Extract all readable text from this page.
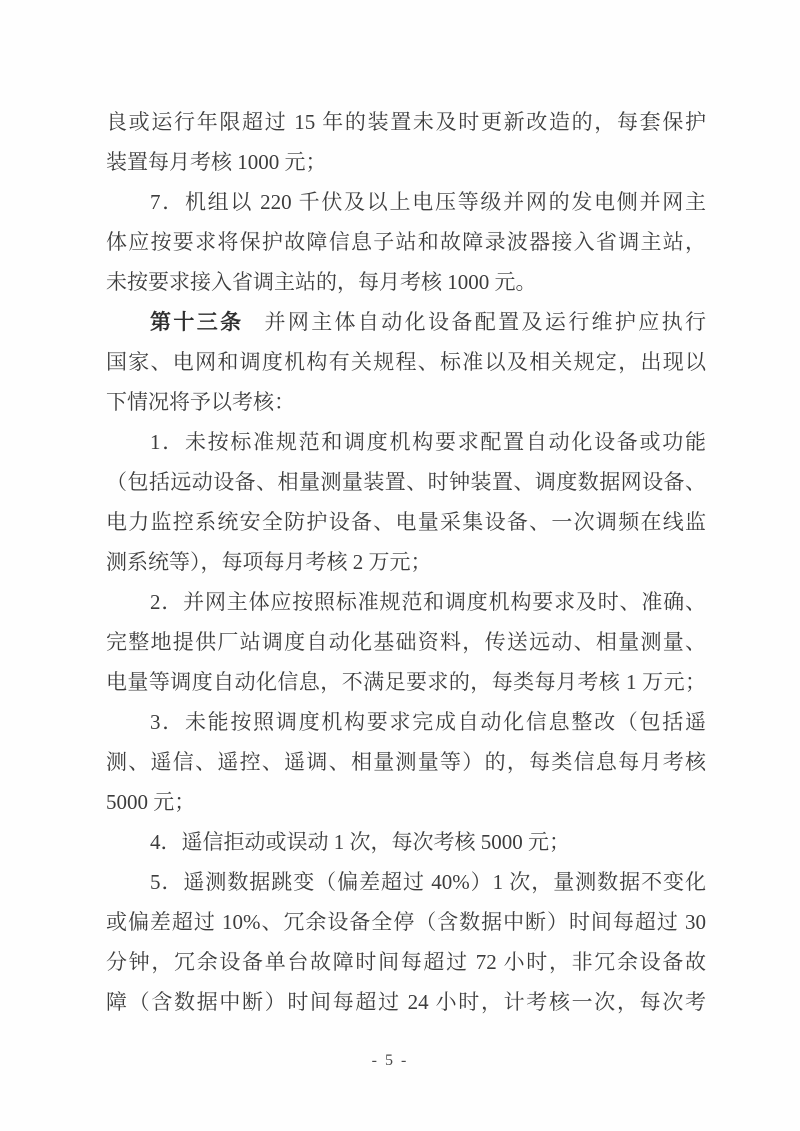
良或运行年限超过 15 年的装置未及时更新改造的，每套保护
装置每月考核 1000 元；
7．机组以 220 千伏及以上电压等级并网的发电侧并网主
体应按要求将保护故障信息子站和故障录波器接入省调主站，
未按要求接入省调主站的，每月考核 1000 元。
第十三条 并网主体自动化设备配置及运行维护应执行
国家、电网和调度机构有关规程、标准以及相关规定，出现以
下情况将予以考核：
1．未按标准规范和调度机构要求配置自动化设备或功能
（包括远动设备、相量测量装置、时钟装置、调度数据网设备、
电力监控系统安全防护设备、电量采集设备、一次调频在线监
测系统等），每项每月考核 2 万元；
2．并网主体应按照标准规范和调度机构要求及时、准确、
完整地提供厂站调度自动化基础资料，传送远动、相量测量、
电量等调度自动化信息，不满足要求的，每类每月考核 1 万元；
3．未能按照调度机构要求完成自动化信息整改（包括遥
测、遥信、遥控、遥调、相量测量等）的，每类信息每月考核
5000 元；
4．遥信拒动或误动 1 次，每次考核 5000 元；
5．遥测数据跳变（偏差超过 40%）1 次，量测数据不变化
或偏差超过 10%、冗余设备全停（含数据中断）时间每超过 30
分钟，冗余设备单台故障时间每超过 72 小时，非冗余设备故
障（含数据中断）时间每超过 24 小时，计考核一次，每次考
- 5 -
